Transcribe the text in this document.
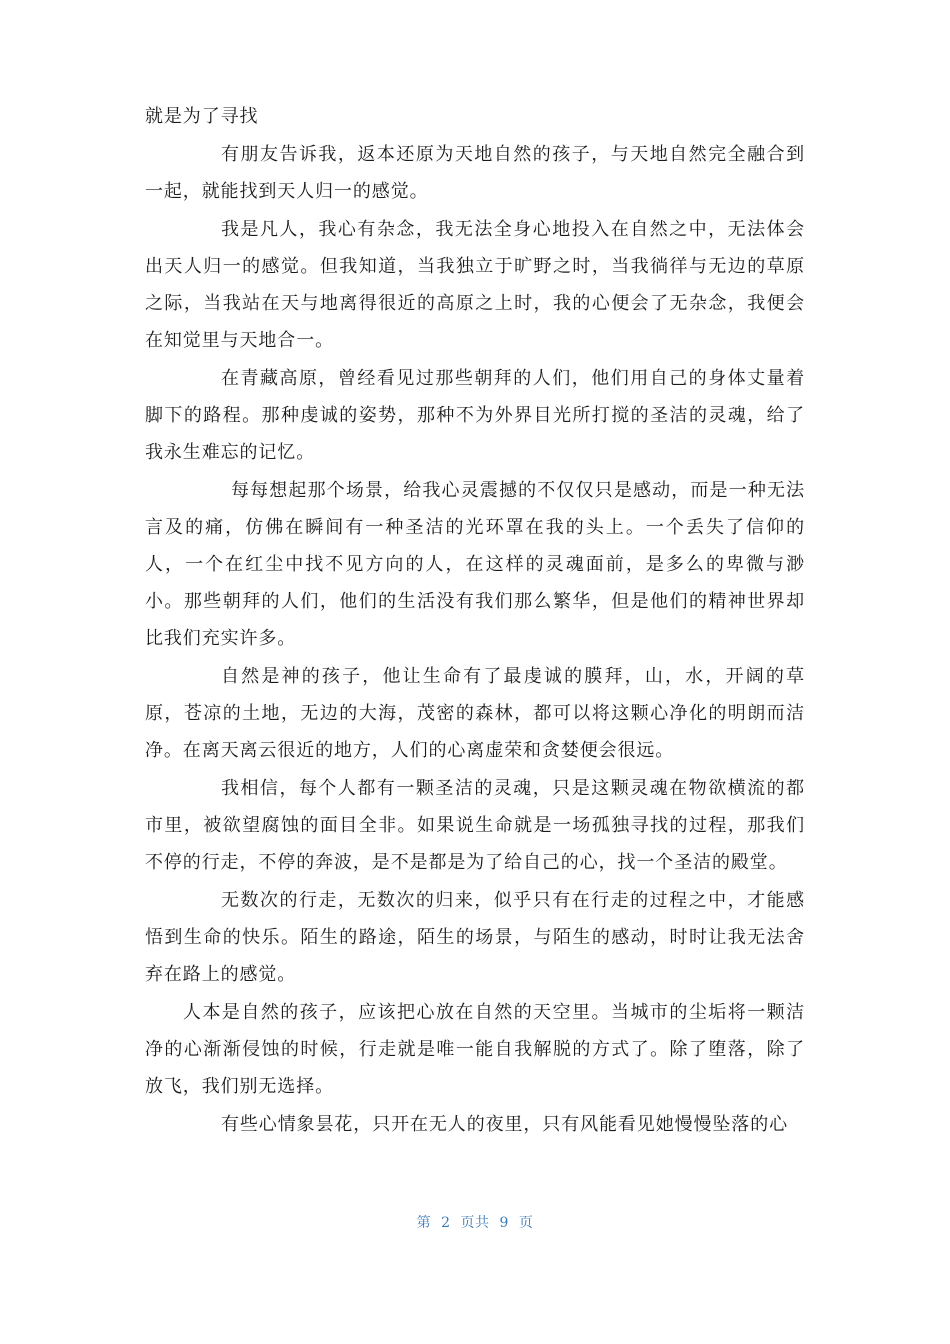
就是为了寻找

有朋友告诉我，返本还原为天地自然的孩子，与天地自然完全融合到一起，就能找到天人归一的感觉。

我是凡人，我心有杂念，我无法全身心地投入在自然之中，无法体会出天人归一的感觉。但我知道，当我独立于旷野之时，当我徜徉与无边的草原之际，当我站在天与地离得很近的高原之上时，我的心便会了无杂念，我便会在知觉里与天地合一。

在青藏高原，曾经看见过那些朝拜的人们，他们用自己的身体丈量着脚下的路程。那种虔诚的姿势，那种不为外界目光所打搅的圣洁的灵魂，给了我永生难忘的记忆。

每每想起那个场景，给我心灵震撼的不仅仅只是感动，而是一种无法言及的痛，仿佛在瞬间有一种圣洁的光环罩在我的头上。一个丢失了信仰的人，一个在红尘中找不见方向的人，在这样的灵魂面前，是多么的卑微与渺小。那些朝拜的人们，他们的生活没有我们那么繁华，但是他们的精神世界却比我们充实许多。

自然是神的孩子，他让生命有了最虔诚的膜拜，山，水，开阔的草原，苍凉的土地，无边的大海，茂密的森林，都可以将这颗心净化的明朗而洁净。在离天离云很近的地方，人们的心离虚荣和贪婪便会很远。

我相信，每个人都有一颗圣洁的灵魂，只是这颗灵魂在物欲横流的都市里，被欲望腐蚀的面目全非。如果说生命就是一场孤独寻找的过程，那我们不停的行走，不停的奔波，是不是都是为了给自己的心，找一个圣洁的殿堂。

无数次的行走，无数次的归来，似乎只有在行走的过程之中，才能感悟到生命的快乐。陌生的路途，陌生的场景，与陌生的感动，时时让我无法舍弃在路上的感觉。

人本是自然的孩子，应该把心放在自然的天空里。当城市的尘垢将一颗洁净的心渐渐侵蚀的时候，行走就是唯一能自我解脱的方式了。除了堕落，除了放飞，我们别无选择。

有些心情象昙花，只开在无人的夜里，只有风能看见她慢慢坠落的心

第 2 页共 9 页
